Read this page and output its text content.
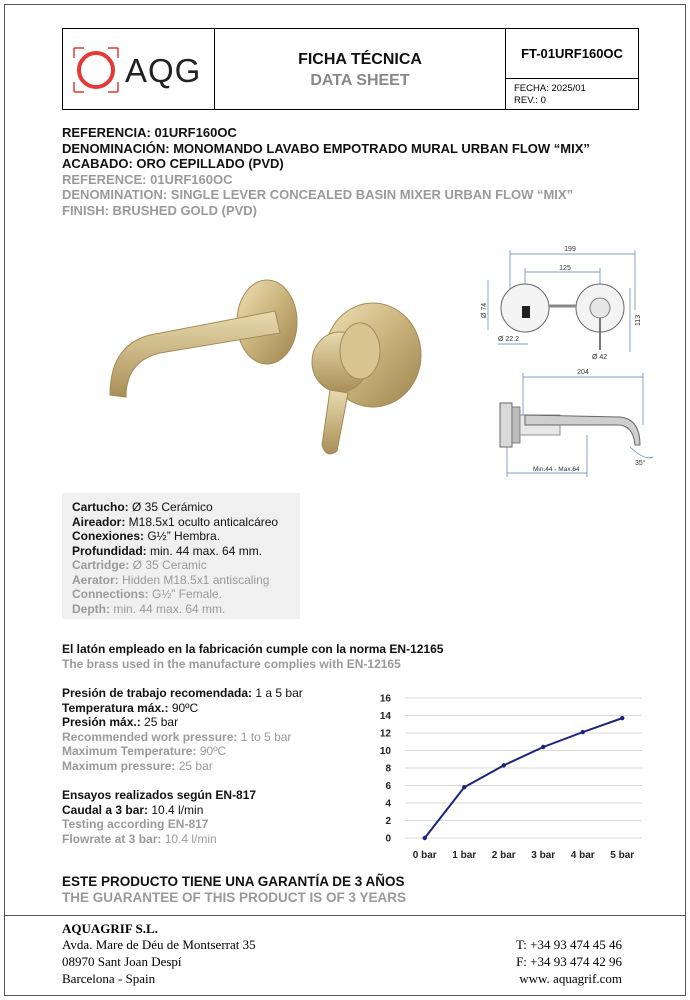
AQG	FICHA TÉCNICA
DATA SHEET
FT-01URF160OC
FECHA: 2025/01
REV.: 0
REFERENCIA: 01URF160OC
DENOMINACIÓN: MONOMANDO LAVABO EMPOTRADO MURAL URBAN FLOW “MIX”
ACABADO: ORO CEPILLADO (PVD)
REFERENCE: 01URF160OC
DENOMINATION: SINGLE LEVER CONCEALED BASIN MIXER URBAN FLOW “MIX”
FINISH: BRUSHED GOLD (PVD)
199
125
Ø 74
113
Ø 22.2
Ø 42
204
Min.44 - Max.64
35°
Cartucho: Ø 35 Cerámico
Aireador: M18.5x1 oculto anticalcáreo
Conexiones: G½” Hembra.
Profundidad: min. 44 max. 64 mm.
Cartridge: Ø 35 Ceramic
Aerator: Hidden M18.5x1 antiscaling
Connections: G½” Female.
Depth: min. 44 max. 64 mm.
El latón empleado en la fabricación cumple con la norma EN-12165
The brass used in the manufacture complies with EN-12165
Presión de trabajo recomendada: 1 a 5 bar
Temperatura máx.: 90ºC
Presión máx.: 25 bar
Recommended work pressure: 1 to 5 bar
Maximum Temperature: 90ºC
Maximum pressure: 25 bar
Ensayos realizados según EN-817
Caudal a 3 bar: 10.4 l/min
Testing according EN-817
Flowrate at 3 bar: 10.4 l/min	0
2
4
6
8
10
12
14
16
0 bar 1 bar 2 bar 3 bar 4 bar 5 bar
ESTE PRODUCTO TIENE UNA GARANTÍA DE 3 AÑOS
THE GUARANTEE OF THIS PRODUCT IS OF 3 YEARS
AQUAGRIF S.L.
Avda. Mare de Déu de Montserrat 35
08970 Sant Joan Despí
Barcelona - Spain
T: +34 93 474 45 46
F: +34 93 474 42 96
www. aquagrif.com
